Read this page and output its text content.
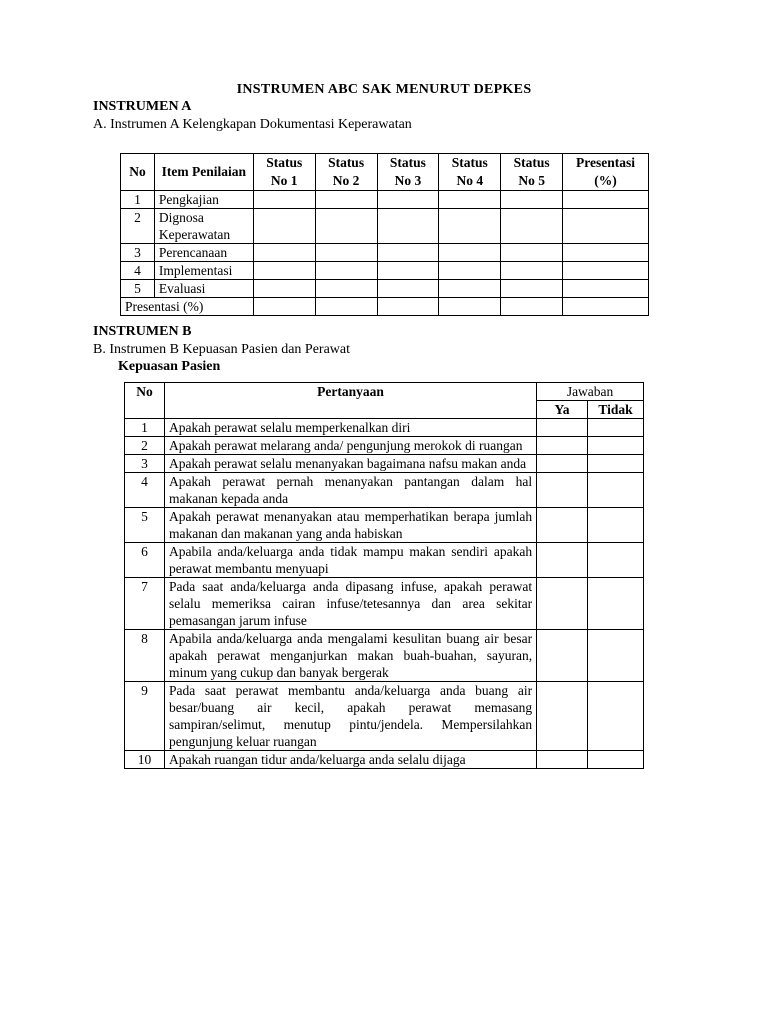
INSTRUMEN ABC SAK MENURUT DEPKES
INSTRUMEN A
A. Instrumen A Kelengkapan Dokumentasi Keperawatan
No	Item Penilaian	Status No 1	Status No 2	Status No 3	Status No 4	Status No 5	Presentasi (%)
1	Pengkajian						
2	Dignosa Keperawatan						
3	Perencanaan						
4	Implementasi						
5	Evaluasi						
Presentasi (%)							
INSTRUMEN B
B. Instrumen B Kepuasan Pasien dan Perawat
Kepuasan Pasien
No	Pertanyaan	Jawaban	
		Ya	Tidak
1	Apakah perawat selalu memperkenalkan diri		
2	Apakah perawat melarang anda/ pengunjung merokok di ruangan		
3	Apakah perawat selalu menanyakan bagaimana nafsu makan anda		
4	Apakah perawat pernah menanyakan pantangan dalam hal makanan kepada anda		
5	Apakah perawat menanyakan atau memperhatikan berapa jumlah makanan dan makanan yang anda habiskan		
6	Apabila anda/keluarga anda tidak mampu makan sendiri apakah perawat membantu menyuapi		
7	Pada saat anda/keluarga anda dipasang infuse, apakah perawat selalu memeriksa cairan infuse/tetesannya dan area sekitar pemasangan jarum infuse		
8	Apabila anda/keluarga anda mengalami kesulitan buang air besar apakah perawat menganjurkan makan buah-buahan, sayuran, minum yang cukup dan banyak bergerak		
9	Pada saat perawat membantu anda/keluarga anda buang air besar/buang air kecil, apakah perawat memasang sampiran/selimut, menutup pintu/jendela. Mempersilahkan pengunjung keluar ruangan		
10	Apakah ruangan tidur anda/keluarga anda selalu dijaga		
